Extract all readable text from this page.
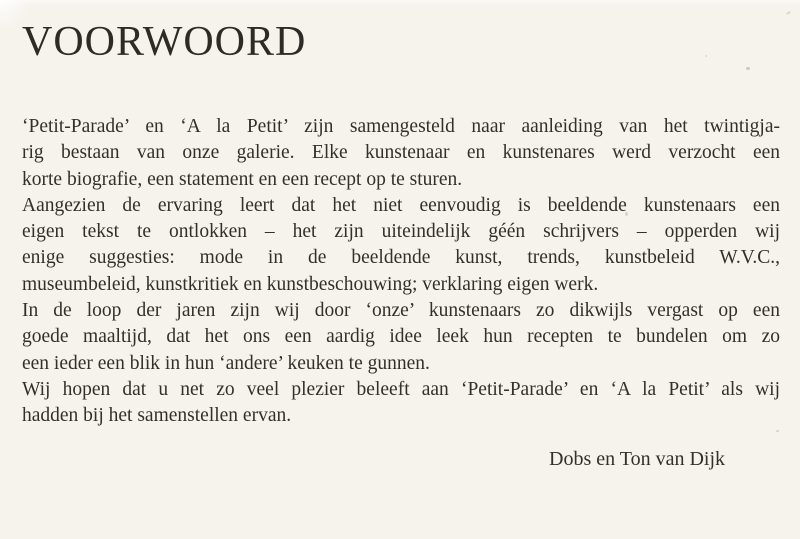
VOORWOORD
‘Petit-Parade’ en ‘A la Petit’ zijn samengesteld naar aanleiding van het twintigja-
rig bestaan van onze galerie. Elke kunstenaar en kunstenares werd verzocht een
korte biografie, een statement en een recept op te sturen.
Aangezien de ervaring leert dat het niet eenvoudig is beeldende kunstenaars een
eigen tekst te ontlokken – het zijn uiteindelijk géén schrijvers – opperden wij
enige suggesties: mode in de beeldende kunst, trends, kunstbeleid W.V.C.,
museumbeleid, kunstkritiek en kunstbeschouwing; verklaring eigen werk.
In de loop der jaren zijn wij door ‘onze’ kunstenaars zo dikwijls vergast op een
goede maaltijd, dat het ons een aardig idee leek hun recepten te bundelen om zo
een ieder een blik in hun ‘andere’ keuken te gunnen.
Wij hopen dat u net zo veel plezier beleeft aan ‘Petit-Parade’ en ‘A la Petit’ als wij
hadden bij het samenstellen ervan.
Dobs en Ton van Dijk
